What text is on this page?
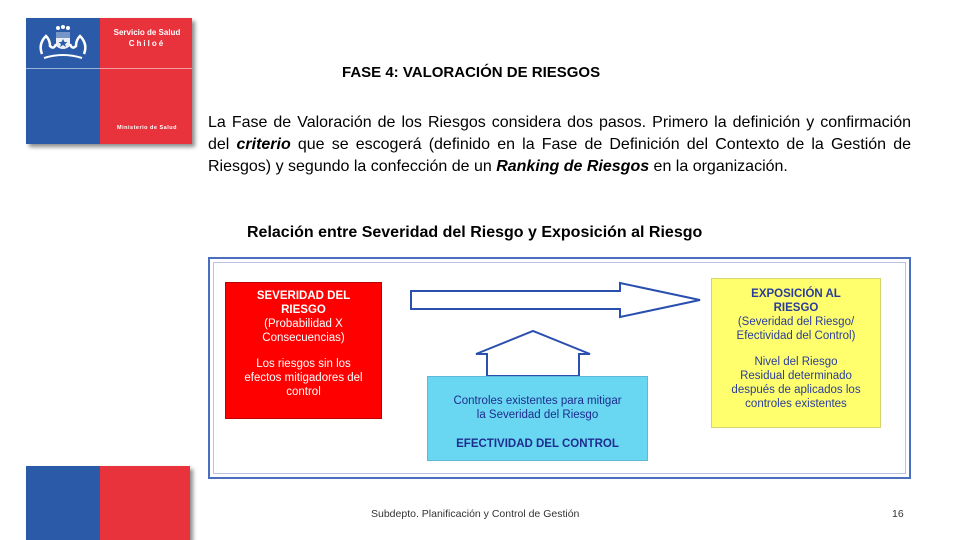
Servicio de Salud
Chiloé
Ministerio de Salud
FASE 4: VALORACIÓN DE RIESGOS

La Fase de Valoración de los Riesgos considera dos pasos. Primero la definición y confirmación del criterio que se escogerá (definido en la Fase de Definición del Contexto de la Gestión de Riesgos) y segundo la confección de un Ranking de Riesgos en la organización.

Relación entre Severidad del Riesgo y Exposición al Riesgo
SEVERIDAD DEL
RIESGO
(Probabilidad X
Consecuencias)
Los riesgos sin los
efectos mitigadores del
control
EXPOSICIÓN AL
RIESGO
(Severidad del Riesgo/
Efectividad del Control)
Nivel del Riesgo
Residual determinado
después de aplicados los
controles existentes
Controles existentes para mitigar
la Severidad del Riesgo
EFECTIVIDAD DEL CONTROL
Subdepto. Planificación y Control de Gestión	16
